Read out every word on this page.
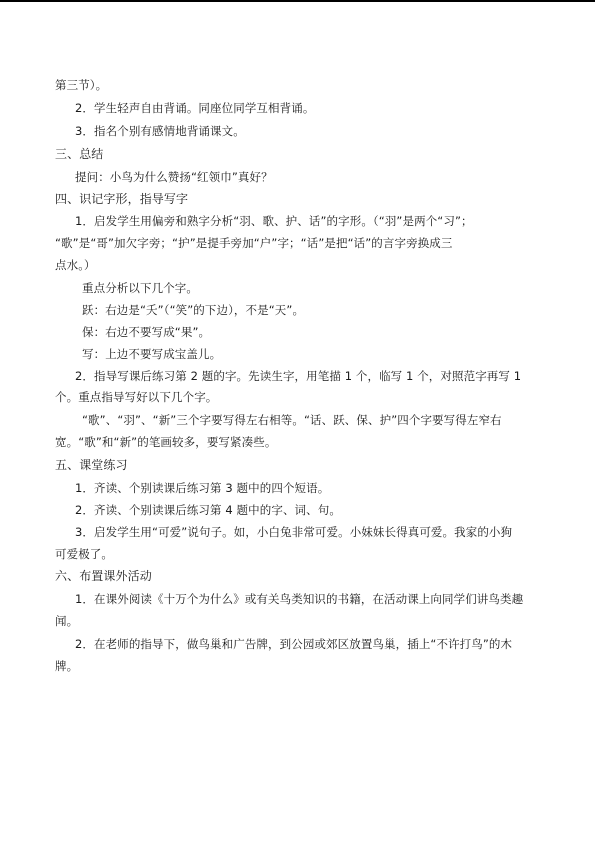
第三节）。
2．学生轻声自由背诵。同座位同学互相背诵。
3．指名个别有感情地背诵课文。
三、总结
提问：小鸟为什么赞扬“红领巾”真好？
四、识记字形，指导写字
1．启发学生用偏旁和熟字分析“羽、歌、护、话”的字形。（“羽”是两个“习”；
“歌”是“哥”加欠字旁；“护”是提手旁加“户”字；“话”是把“话”的言字旁换成三
点水。）
重点分析以下几个字。
跃：右边是“夭”（“笑”的下边），不是“天”。
保：右边不要写成“果”。
写：上边不要写成宝盖儿。
2．指导写课后练习第 2 题的字。先读生字，用笔描 1 个，临写 1 个，对照范字再写 1
个。重点指导写好以下几个字。
“歌”、“羽”、“新”三个字要写得左右相等。“话、跃、保、护”四个字要写得左窄右
宽。“歌”和“新”的笔画较多，要写紧凑些。
五、课堂练习
1．齐读、个别读课后练习第 3 题中的四个短语。
2．齐读、个别读课后练习第 4 题中的字、词、句。
3．启发学生用“可爱”说句子。如，小白兔非常可爱。小妹妹长得真可爱。我家的小狗
可爱极了。
六、布置课外活动
1．在课外阅读《十万个为什么》或有关鸟类知识的书籍，在活动课上向同学们讲鸟类趣
闻。
2．在老师的指导下，做鸟巢和广告牌，到公园或郊区放置鸟巢，插上“不许打鸟”的木
牌。
